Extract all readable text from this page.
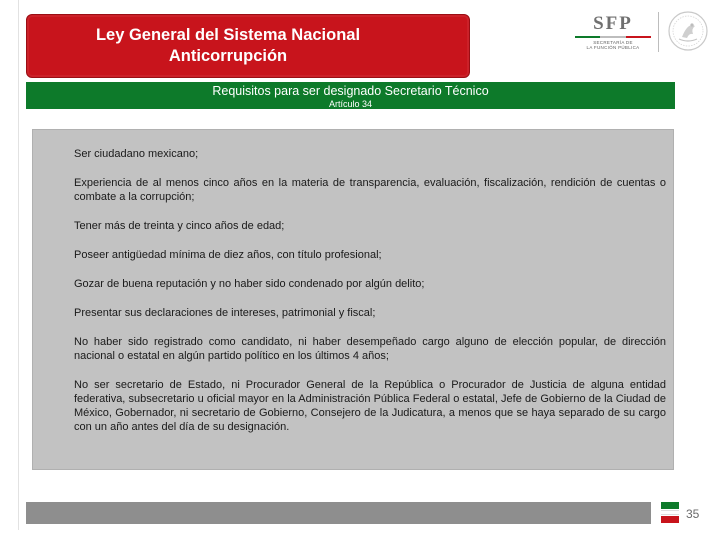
Ley General del Sistema Nacional
Anticorrupción
SFP
SECRETARÍA DE
LA FUNCIÓN PÚBLICA
Requisitos para ser designado Secretario Técnico
Artículo 34
Ser ciudadano mexicano;
Experiencia de al menos cinco años en la materia de transparencia, evaluación, fiscalización, rendición de cuentas o combate a la corrupción;
Tener más de treinta y cinco años de edad;
Poseer antigüedad mínima de diez años, con título profesional;
Gozar de buena reputación y no haber sido condenado por algún delito;
Presentar sus declaraciones de intereses, patrimonial y fiscal;
No haber sido registrado como candidato, ni haber desempeñado cargo alguno de elección popular, de dirección nacional o estatal en algún partido político en los últimos 4 años;
No ser secretario de Estado, ni Procurador General de la República o Procurador de Justicia de alguna entidad federativa, subsecretario u oficial mayor en la Administración Pública Federal o estatal, Jefe de Gobierno de la Ciudad de México, Gobernador, ni secretario de Gobierno, Consejero de la Judicatura, a menos que se haya separado de su cargo con un año antes del día de su designación.
35
